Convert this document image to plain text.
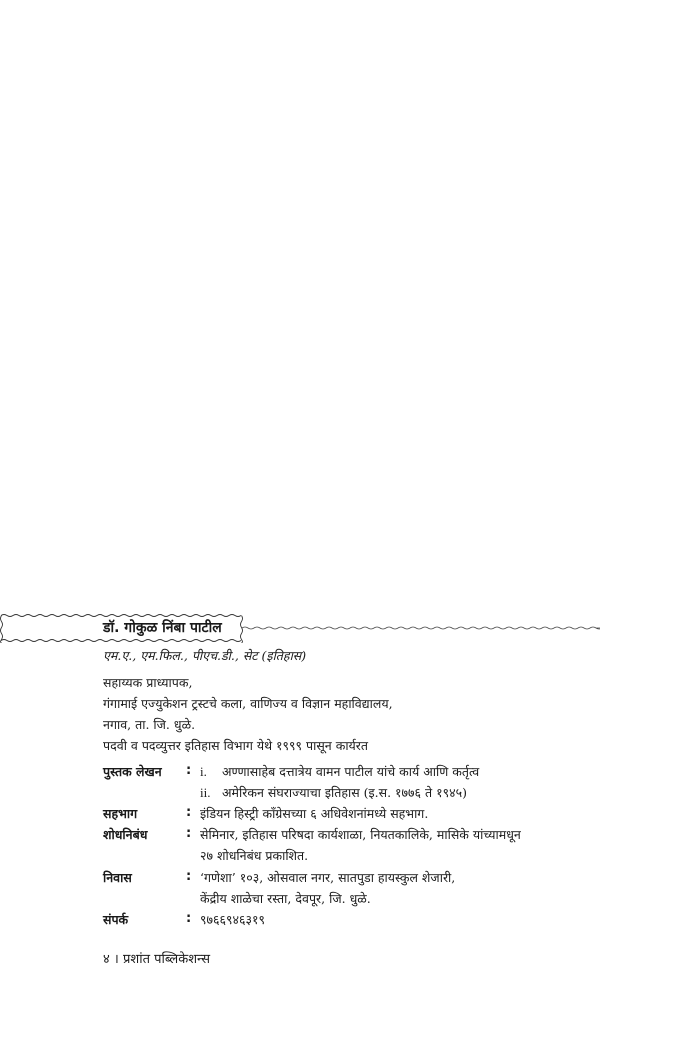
डॉ. गोकुळ निंबा पाटील
एम.ए., एम.फिल., पीएच.डी., सेट (इतिहास)
सहाय्यक प्राध्यापक,
गंगामाई एज्युकेशन ट्रस्टचे कला, वाणिज्य व विज्ञान महाविद्यालय,
नगाव, ता. जि. धुळे.
पदवी व पदव्युत्तर इतिहास विभाग येथे १९९९ पासून कार्यरत
पुस्तक लेखन : i. अण्णासाहेब दत्तात्रेय वामन पाटील यांचे कार्य आणि कर्तृत्व
ii. अमेरिकन संघराज्याचा इतिहास (इ.स. १७७६ ते १९४५)
सहभाग	: इंडियन हिस्ट्री कॉंग्रेसच्या ६ अधिवेशनांमध्ये सहभाग.
शोधनिबंध	: सेमिनार, इतिहास परिषदा कार्यशाळा, नियतकालिके, मासिके यांच्यामधून
२७ शोधनिबंध प्रकाशित.
निवास	: ‘गणेशा’ १०३, ओसवाल नगर, सातपुडा हायस्कुल शेजारी,
केंद्रीय शाळेचा रस्ता, देवपूर, जि. धुळे.
संपर्क	: ९७६६९४६३१९
४ । प्रशांत पब्लिकेशन्स
